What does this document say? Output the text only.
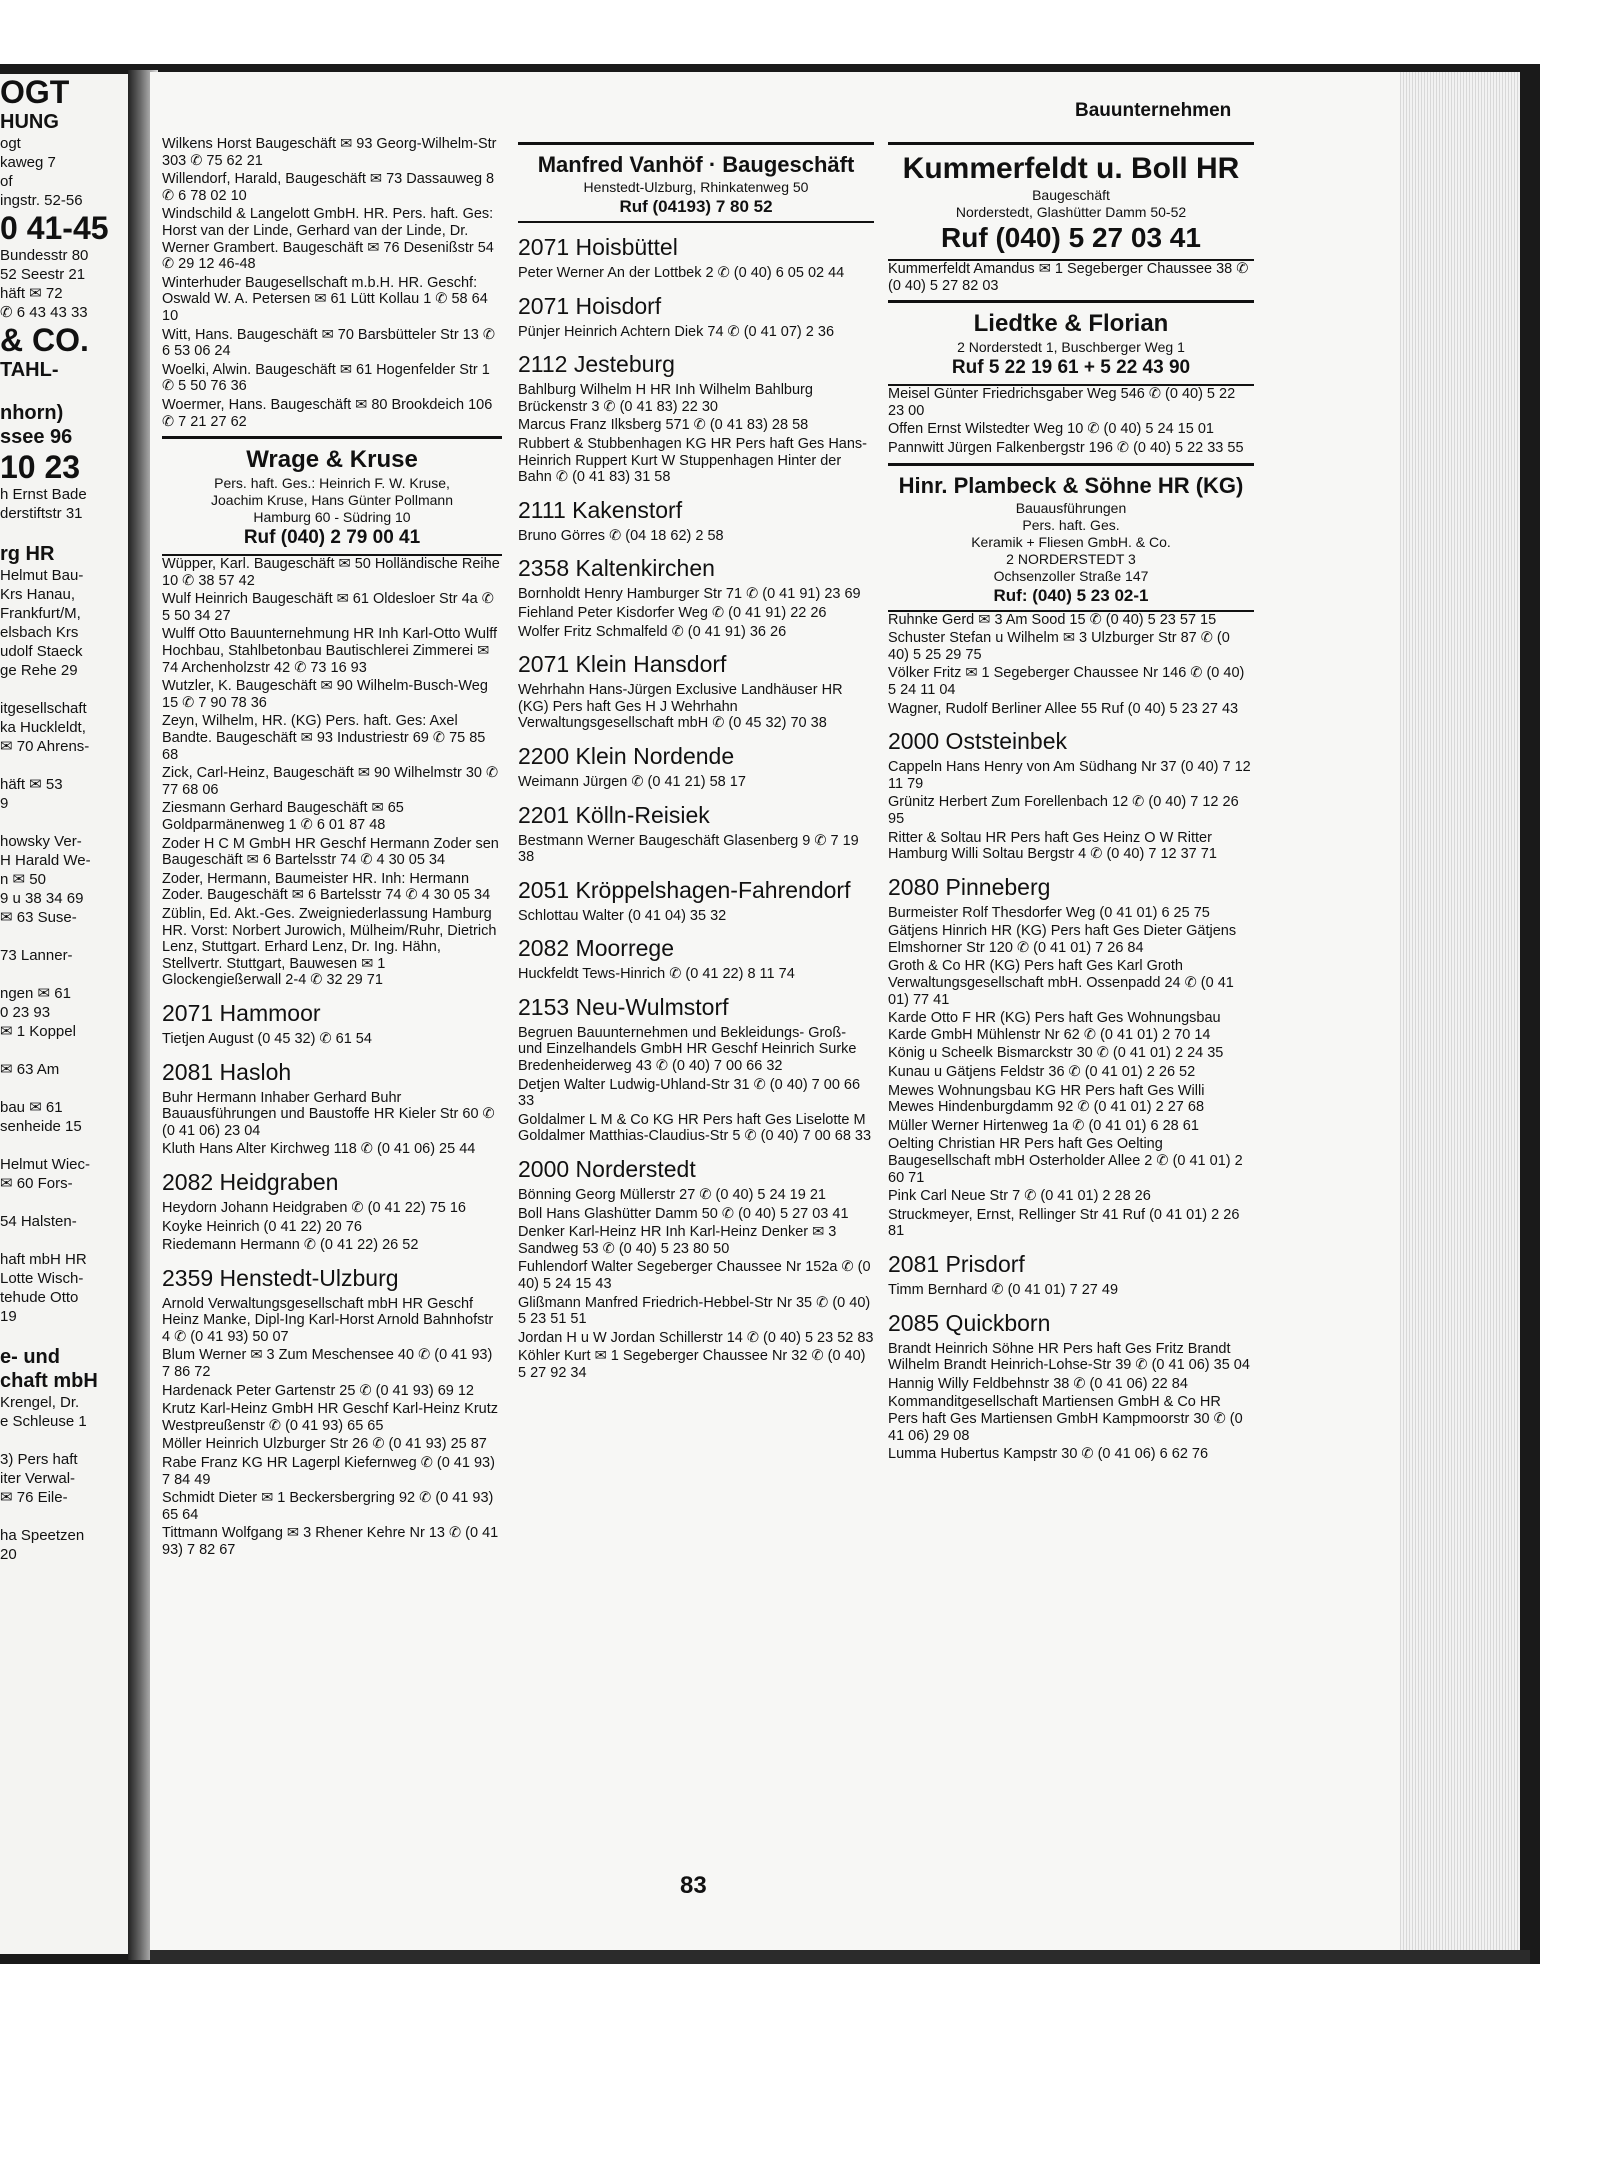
OGT
HUNG
ogt
kaweg 7
of
ingstr. 52-56
0 41-45
Bundesstr 80
52 Seestr 21
häft ✉ 72
✆ 6 43 43 33
& CO.
TAHL-
nhorn)
ssee 96
10 23
h Ernst Bade
derstiftstr 31
rg HR
Helmut Bau-
Krs Hanau,
Frankfurt/M,
elsbach Krs
udolf Staeck
ge Rehe 29
itgesellschaft
ka Huckleldt,
✉ 70 Ahrens-
häft ✉ 53
9
howsky Ver-
H Harald We-
n ✉ 50
9 u 38 34 69
✉ 63 Suse-
73 Lanner-
ngen ✉ 61
0 23 93
✉ 1 Koppel
✉ 63 Am
bau ✉ 61
senheide 15
Helmut Wiec-
✉ 60 Fors-
54 Halsten-
haft mbH HR
Lotte Wisch-
tehude Otto
19
e- und
chaft mbH
Krengel, Dr.
e Schleuse 1
3) Pers haft
iter Verwal-
✉ 76 Eile-
ha Speetzen
20
Bauunternehmen
Wilkens Horst Baugeschäft ✉ 93 Georg-Wilhelm-Str 303 ✆ 75 62 21
Willendorf, Harald, Baugeschäft ✉ 73 Dassauweg 8 ✆ 6 78 02 10
Windschild & Langelott GmbH. HR. Pers. haft. Ges: Horst van der Linde, Gerhard van der Linde, Dr. Werner Grambert. Baugeschäft ✉ 76 Desenißstr 54 ✆ 29 12 46-48
Winterhuder Baugesellschaft m.b.H. HR. Geschf: Oswald W. A. Petersen ✉ 61 Lütt Kollau 1 ✆ 58 64 10
Witt, Hans. Baugeschäft ✉ 70 Barsbütteler Str 13 ✆ 6 53 06 24
Woelki, Alwin. Baugeschäft ✉ 61 Hogenfelder Str 1 ✆ 5 50 76 36
Woermer, Hans. Baugeschäft ✉ 80 Brookdeich 106 ✆ 7 21 27 62
Wrage & Kruse
Pers. haft. Ges.: Heinrich F. W. Kruse,
Joachim Kruse, Hans Günter Pollmann
Hamburg 60 - Südring 10
Ruf (040) 2 79 00 41
Wüpper, Karl. Baugeschäft ✉ 50 Holländische Reihe 10 ✆ 38 57 42
Wulf Heinrich Baugeschäft ✉ 61 Oldesloer Str 4a ✆ 5 50 34 27
Wulff Otto Bauunternehmung HR Inh Karl-Otto Wulff Hochbau, Stahlbetonbau Bautischlerei Zimmerei ✉ 74 Archenholzstr 42 ✆ 73 16 93
Wutzler, K. Baugeschäft ✉ 90 Wilhelm-Busch-Weg 15 ✆ 7 90 78 36
Zeyn, Wilhelm, HR. (KG) Pers. haft. Ges: Axel Bandte. Baugeschäft ✉ 93 Industriestr 69 ✆ 75 85 68
Zick, Carl-Heinz, Baugeschäft ✉ 90 Wilhelmstr 30 ✆ 77 68 06
Ziesmann Gerhard Baugeschäft ✉ 65 Goldparmänenweg 1 ✆ 6 01 87 48
Zoder H C M GmbH HR Geschf Hermann Zoder sen Baugeschäft ✉ 6 Bartelsstr 74 ✆ 4 30 05 34
Zoder, Hermann, Baumeister HR. Inh: Hermann Zoder. Baugeschäft ✉ 6 Bartelsstr 74 ✆ 4 30 05 34
Züblin, Ed. Akt.-Ges. Zweigniederlassung Hamburg HR. Vorst: Norbert Jurowich, Mülheim/Ruhr, Dietrich Lenz, Stuttgart. Erhard Lenz, Dr. Ing. Hähn, Stellvertr. Stuttgart, Bauwesen ✉ 1 Glockengießerwall 2-4 ✆ 32 29 71
2071 Hammoor
Tietjen August (0 45 32) ✆ 61 54
2081 Hasloh
Buhr Hermann Inhaber Gerhard Buhr Bauausführungen und Baustoffe HR Kieler Str 60 ✆ (0 41 06) 23 04
Kluth Hans Alter Kirchweg 118 ✆ (0 41 06) 25 44
2082 Heidgraben
Heydorn Johann Heidgraben ✆ (0 41 22) 75 16
Koyke Heinrich (0 41 22) 20 76
Riedemann Hermann ✆ (0 41 22) 26 52
2359 Henstedt-Ulzburg
Arnold Verwaltungsgesellschaft mbH HR Geschf Heinz Manke, Dipl-Ing Karl-Horst Arnold Bahnhofstr 4 ✆ (0 41 93) 50 07
Blum Werner ✉ 3 Zum Meschensee 40 ✆ (0 41 93) 7 86 72
Hardenack Peter Gartenstr 25 ✆ (0 41 93) 69 12
Krutz Karl-Heinz GmbH HR Geschf Karl-Heinz Krutz Westpreußenstr ✆ (0 41 93) 65 65
Möller Heinrich Ulzburger Str 26 ✆ (0 41 93) 25 87
Rabe Franz KG HR Lagerpl Kiefernweg ✆ (0 41 93) 7 84 49
Schmidt Dieter ✉ 1 Beckersbergring 92 ✆ (0 41 93) 65 64
Tittmann Wolfgang ✉ 3 Rhener Kehre Nr 13 ✆ (0 41 93) 7 82 67
Manfred Vanhöf · Baugeschäft
Henstedt-Ulzburg, Rhinkatenweg 50
Ruf (04193) 7 80 52
2071 Hoisbüttel
Peter Werner An der Lottbek 2 ✆ (0 40) 6 05 02 44
2071 Hoisdorf
Pünjer Heinrich Achtern Diek 74 ✆ (0 41 07) 2 36
2112 Jesteburg
Bahlburg Wilhelm H HR Inh Wilhelm Bahlburg Brückenstr 3 ✆ (0 41 83) 22 30
Marcus Franz Ilksberg 571 ✆ (0 41 83) 28 58
Rubbert & Stubbenhagen KG HR Pers haft Ges Hans-Heinrich Ruppert Kurt W Stuppenhagen Hinter der Bahn ✆ (0 41 83) 31 58
2111 Kakenstorf
Bruno Görres ✆ (04 18 62) 2 58
2358 Kaltenkirchen
Bornholdt Henry Hamburger Str 71 ✆ (0 41 91) 23 69
Fiehland Peter Kisdorfer Weg ✆ (0 41 91) 22 26
Wolfer Fritz Schmalfeld ✆ (0 41 91) 36 26
2071 Klein Hansdorf
Wehrhahn Hans-Jürgen Exclusive Landhäuser HR (KG) Pers haft Ges H J Wehrhahn Verwaltungsgesellschaft mbH ✆ (0 45 32) 70 38
2200 Klein Nordende
Weimann Jürgen ✆ (0 41 21) 58 17
2201 Kölln-Reisiek
Bestmann Werner Baugeschäft Glasenberg 9 ✆ 7 19 38
2051 Kröppelshagen-Fahrendorf
Schlottau Walter (0 41 04) 35 32
2082 Moorrege
Huckfeldt Tews-Hinrich ✆ (0 41 22) 8 11 74
2153 Neu-Wulmstorf
Begruen Bauunternehmen und Bekleidungs- Groß- und Einzelhandels GmbH HR Geschf Heinrich Surke Bredenheiderweg 43 ✆ (0 40) 7 00 66 32
Detjen Walter Ludwig-Uhland-Str 31 ✆ (0 40) 7 00 66 33
Goldalmer L M & Co KG HR Pers haft Ges Liselotte M Goldalmer Matthias-Claudius-Str 5 ✆ (0 40) 7 00 68 33
2000 Norderstedt
Bönning Georg Müllerstr 27 ✆ (0 40) 5 24 19 21
Boll Hans Glashütter Damm 50 ✆ (0 40) 5 27 03 41
Denker Karl-Heinz HR Inh Karl-Heinz Denker ✉ 3 Sandweg 53 ✆ (0 40) 5 23 80 50
Fuhlendorf Walter Segeberger Chaussee Nr 152a ✆ (0 40) 5 24 15 43
Glißmann Manfred Friedrich-Hebbel-Str Nr 35 ✆ (0 40) 5 23 51 51
Jordan H u W Jordan Schillerstr 14 ✆ (0 40) 5 23 52 83
Köhler Kurt ✉ 1 Segeberger Chaussee Nr 32 ✆ (0 40) 5 27 92 34
Kummerfeldt u. Boll HR
Baugeschäft
Norderstedt, Glashütter Damm 50-52
Ruf (040) 5 27 03 41
Kummerfeldt Amandus ✉ 1 Segeberger Chaussee 38 ✆ (0 40) 5 27 82 03
Liedtke & Florian
2 Norderstedt 1, Buschberger Weg 1
Ruf 5 22 19 61 + 5 22 43 90
Meisel Günter Friedrichsgaber Weg 546 ✆ (0 40) 5 22 23 00
Offen Ernst Wilstedter Weg 10 ✆ (0 40) 5 24 15 01
Pannwitt Jürgen Falkenbergstr 196 ✆ (0 40) 5 22 33 55
Hinr. Plambeck & Söhne HR (KG)
Bauausführungen
Pers. haft. Ges.
Keramik + Fliesen GmbH. & Co.
2 NORDERSTEDT 3
Ochsenzoller Straße 147
Ruf: (040) 5 23 02-1
Ruhnke Gerd ✉ 3 Am Sood 15 ✆ (0 40) 5 23 57 15
Schuster Stefan u Wilhelm ✉ 3 Ulzburger Str 87 ✆ (0 40) 5 25 29 75
Völker Fritz ✉ 1 Segeberger Chaussee Nr 146 ✆ (0 40) 5 24 11 04
Wagner, Rudolf Berliner Allee 55 Ruf (0 40) 5 23 27 43
2000 Oststeinbek
Cappeln Hans Henry von Am Südhang Nr 37 (0 40) 7 12 11 79
Grünitz Herbert Zum Forellenbach 12 ✆ (0 40) 7 12 26 95
Ritter & Soltau HR Pers haft Ges Heinz O W Ritter Hamburg Willi Soltau Bergstr 4 ✆ (0 40) 7 12 37 71
2080 Pinneberg
Burmeister Rolf Thesdorfer Weg (0 41 01) 6 25 75
Gätjens Hinrich HR (KG) Pers haft Ges Dieter Gätjens Elmshorner Str 120 ✆ (0 41 01) 7 26 84
Groth & Co HR (KG) Pers haft Ges Karl Groth Verwaltungsgesellschaft mbH. Ossenpadd 24 ✆ (0 41 01) 77 41
Karde Otto F HR (KG) Pers haft Ges Wohnungsbau Karde GmbH Mühlenstr Nr 62 ✆ (0 41 01) 2 70 14
König u Scheelk Bismarckstr 30 ✆ (0 41 01) 2 24 35
Kunau u Gätjens Feldstr 36 ✆ (0 41 01) 2 26 52
Mewes Wohnungsbau KG HR Pers haft Ges Willi Mewes Hindenburgdamm 92 ✆ (0 41 01) 2 27 68
Müller Werner Hirtenweg 1a ✆ (0 41 01) 6 28 61
Oelting Christian HR Pers haft Ges Oelting Baugesellschaft mbH Osterholder Allee 2 ✆ (0 41 01) 2 60 71
Pink Carl Neue Str 7 ✆ (0 41 01) 2 28 26
Struckmeyer, Ernst, Rellinger Str 41 Ruf (0 41 01) 2 26 81
2081 Prisdorf
Timm Bernhard ✆ (0 41 01) 7 27 49
2085 Quickborn
Brandt Heinrich Söhne HR Pers haft Ges Fritz Brandt Wilhelm Brandt Heinrich-Lohse-Str 39 ✆ (0 41 06) 35 04
Hannig Willy Feldbehnstr 38 ✆ (0 41 06) 22 84
Kommanditgesellschaft Martiensen GmbH & Co HR Pers haft Ges Martiensen GmbH Kampmoorstr 30 ✆ (0 41 06) 29 08
Lumma Hubertus Kampstr 30 ✆ (0 41 06) 6 62 76
83
